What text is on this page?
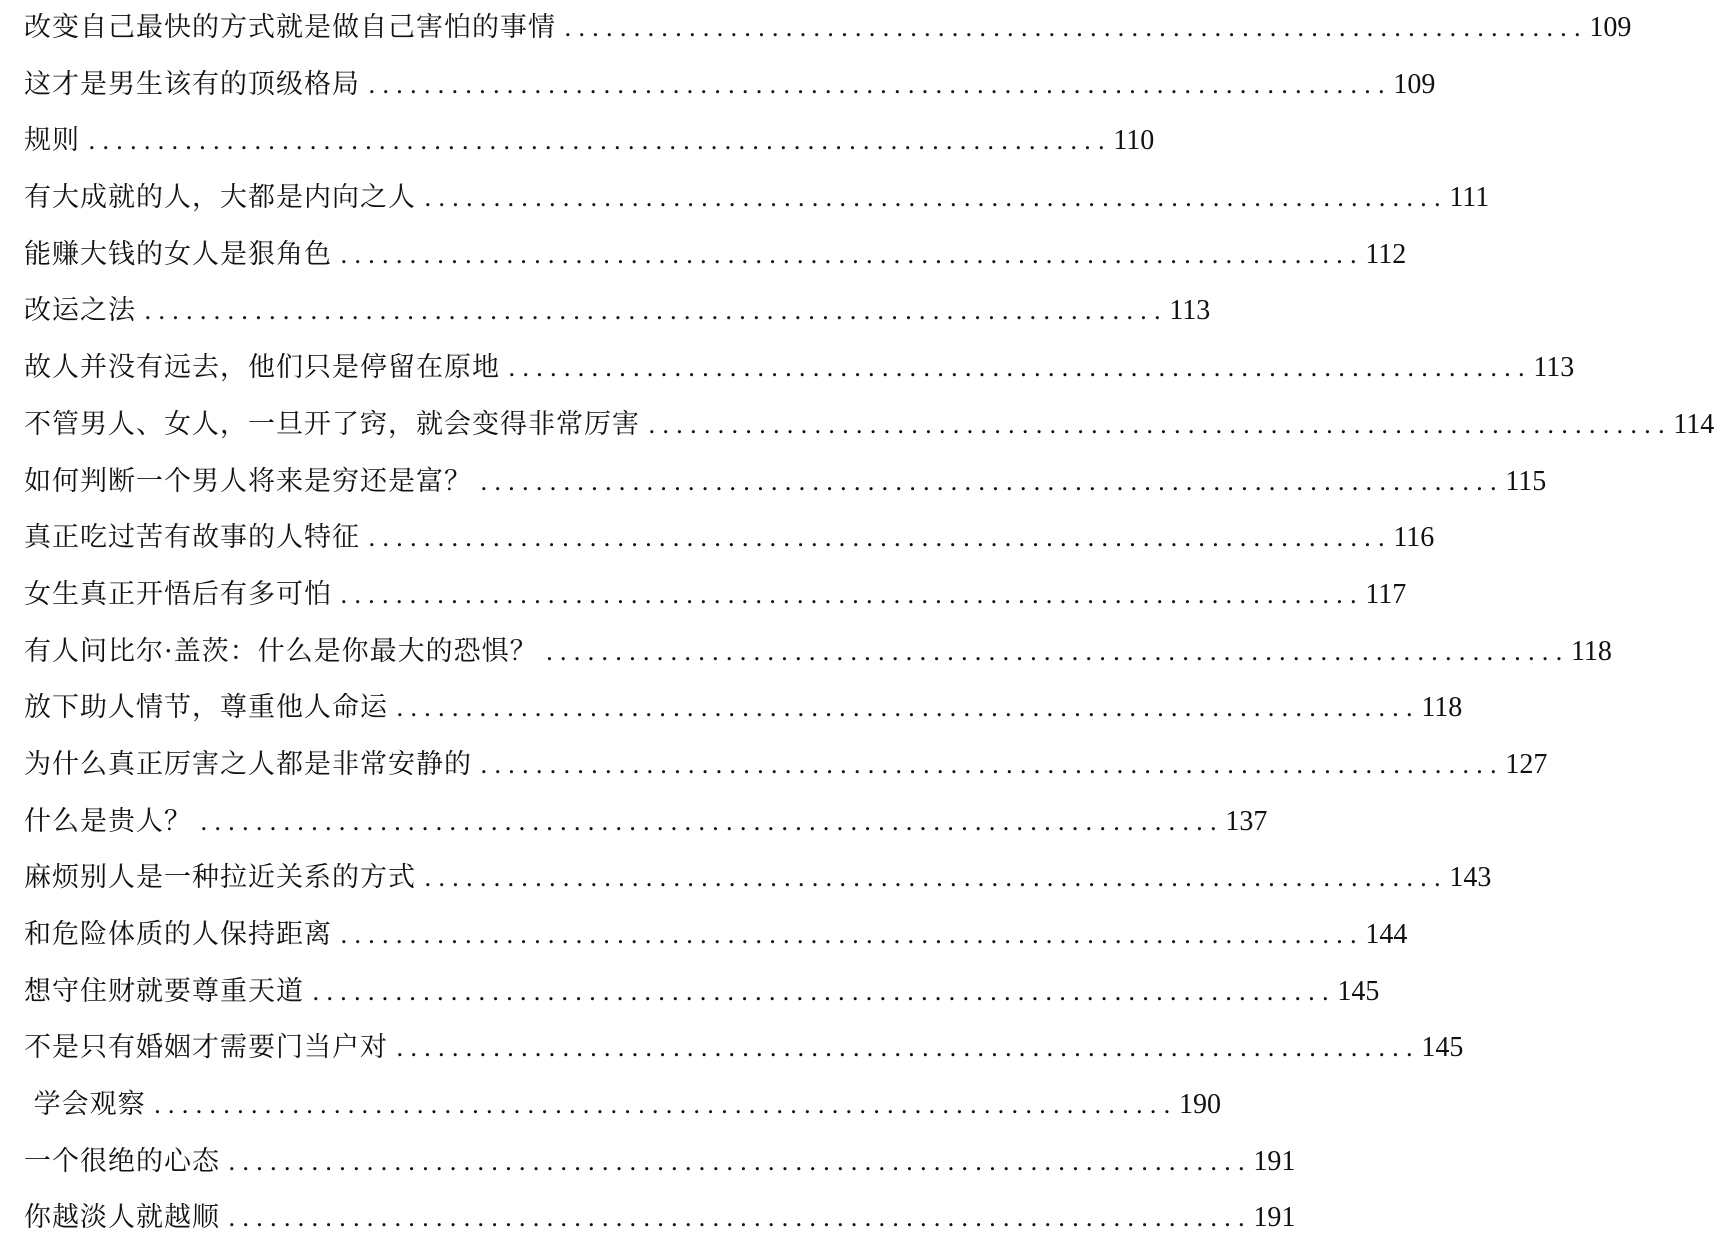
改变自己最快的方式就是做自己害怕的事情 .......................................................................... 109
这才是男生该有的顶级格局 .......................................................................... 109
规则 .......................................................................... 110
有大成就的人，大都是内向之人 .......................................................................... 111
能赚大钱的女人是狠角色 .......................................................................... 112
改运之法 .......................................................................... 113
故人并没有远去，他们只是停留在原地 .......................................................................... 113
不管男人、女人，一旦开了窍，就会变得非常厉害 .......................................................................... 114
如何判断一个男人将来是穷还是富？ .......................................................................... 115
真正吃过苦有故事的人特征 .......................................................................... 116
女生真正开悟后有多可怕 .......................................................................... 117
有人问比尔·盖茨：什么是你最大的恐惧？ .......................................................................... 118
放下助人情节，尊重他人命运 .......................................................................... 118
为什么真正厉害之人都是非常安静的 .......................................................................... 127
什么是贵人？ .......................................................................... 137
麻烦别人是一种拉近关系的方式 .......................................................................... 143
和危险体质的人保持距离 .......................................................................... 144
想守住财就要尊重天道 .......................................................................... 145
不是只有婚姻才需要门当户对 .......................................................................... 145
学会观察 .......................................................................... 190
一个很绝的心态 .......................................................................... 191
你越淡人就越顺 .......................................................................... 191
